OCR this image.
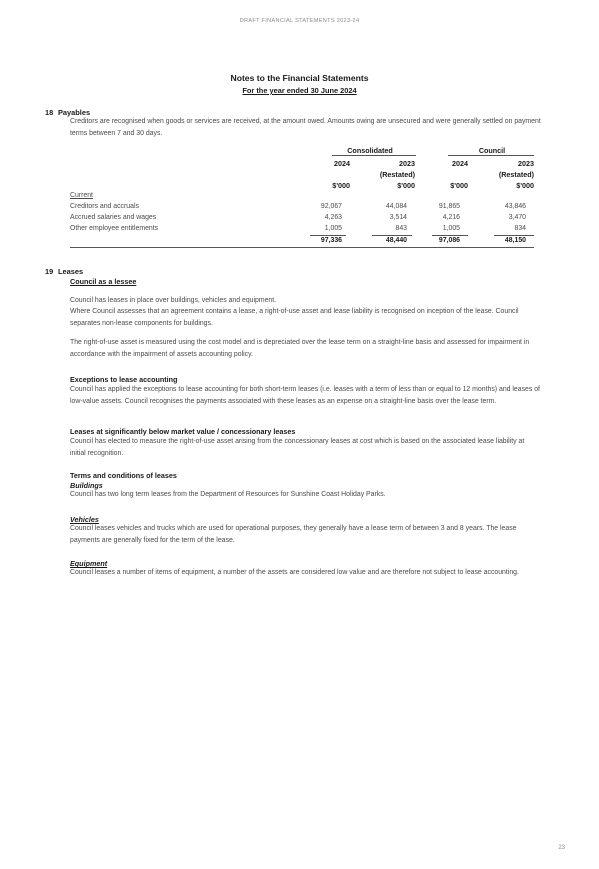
DRAFT FINANCIAL STATEMENTS 2023-24
Notes to the Financial Statements
For the year ended 30 June 2024
18 Payables

Creditors are recognised when goods or services are received, at the amount owed. Amounts owing are unsecured and were generally settled on payment terms between 7 and 30 days.

Consolidated	Council
2024	2023	2024	2023
(Restated)	(Restated)
$'000	$'000	$'000	$'000
Current
Creditors and accruals	92,067	44,084	91,865	43,846
Accrued salaries and wages	4,263	3,514	4,216	3,470
Other employee entitlements	1,005	843	1,005	834
97,336	48,440	97,086	48,150
19 Leases
Council as a lessee

Council has leases in place over buildings, vehicles and equipment.

Where Council assesses that an agreement contains a lease, a right-of-use asset and lease liability is recognised on inception of the lease. Council separates non-lease components for buildings.

The right-of-use asset is measured using the cost model and is depreciated over the lease term on a straight-line basis and assessed for impairment in accordance with the impairment of assets accounting policy.

Exceptions to lease accounting

Council has applied the exceptions to lease accounting for both short-term leases (i.e. leases with a term of less than or equal to 12 months) and leases of low-value assets. Council recognises the payments associated with these leases as an expense on a straight-line basis over the lease term.

Leases at significantly below market value / concessionary leases

Council has elected to measure the right-of-use asset arising from the concessionary leases at cost which is based on the associated lease liability at initial recognition.

Terms and conditions of leases
Buildings

Council has two long term leases from the Department of Resources for Sunshine Coast Holiday Parks.

Vehicles

Council leases vehicles and trucks which are used for operational purposes, they generally have a lease term of between 3 and 8 years. The lease payments are generally fixed for the term of the lease.

Equipment

Council leases a number of items of equipment, a number of the assets are considered low value and are therefore not subject to lease accounting.

23
